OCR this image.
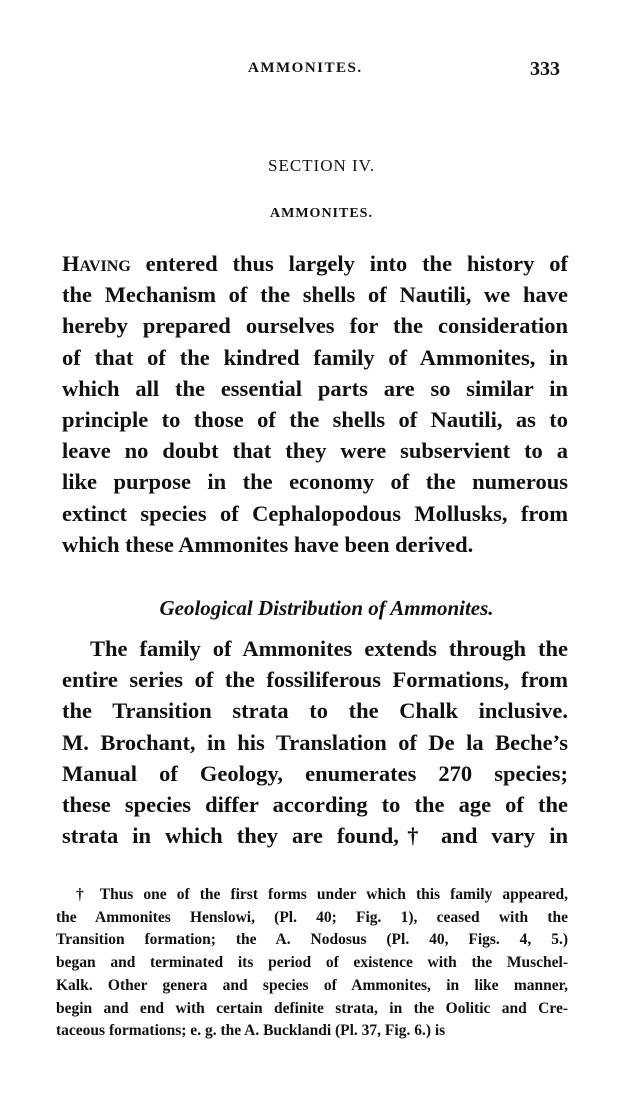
AMMONITES.	333
SECTION IV.
AMMONITES.
Having entered thus largely into the history of
the Mechanism of the shells of Nautili, we have
hereby prepared ourselves for the consideration
of that of the kindred family of Ammonites, in
which all the essential parts are so similar in
principle to those of the shells of Nautili, as to
leave no doubt that they were subservient to a
like purpose in the economy of the numerous
extinct species of Cephalopodous Mollusks, from
which these Ammonites have been derived.
Geological Distribution of Ammonites.
The family of Ammonites extends through the
entire series of the fossiliferous Formations, from
the Transition strata to the Chalk inclusive.
M. Brochant, in his Translation of De la Beche’s
Manual of Geology, enumerates 270 species;
these species differ according to the age of the
strata in which they are found,† and vary in
† Thus one of the first forms under which this family appeared,
the Ammonites Henslowi, (Pl. 40; Fig. 1), ceased with the
Transition formation; the A. Nodosus (Pl. 40, Figs. 4, 5.)
began and terminated its period of existence with the Muschel-
Kalk. Other genera and species of Ammonites, in like manner,
begin and end with certain definite strata, in the Oolitic and Cre-
taceous formations; e. g. the A. Bucklandi (Pl. 37, Fig. 6.) is
